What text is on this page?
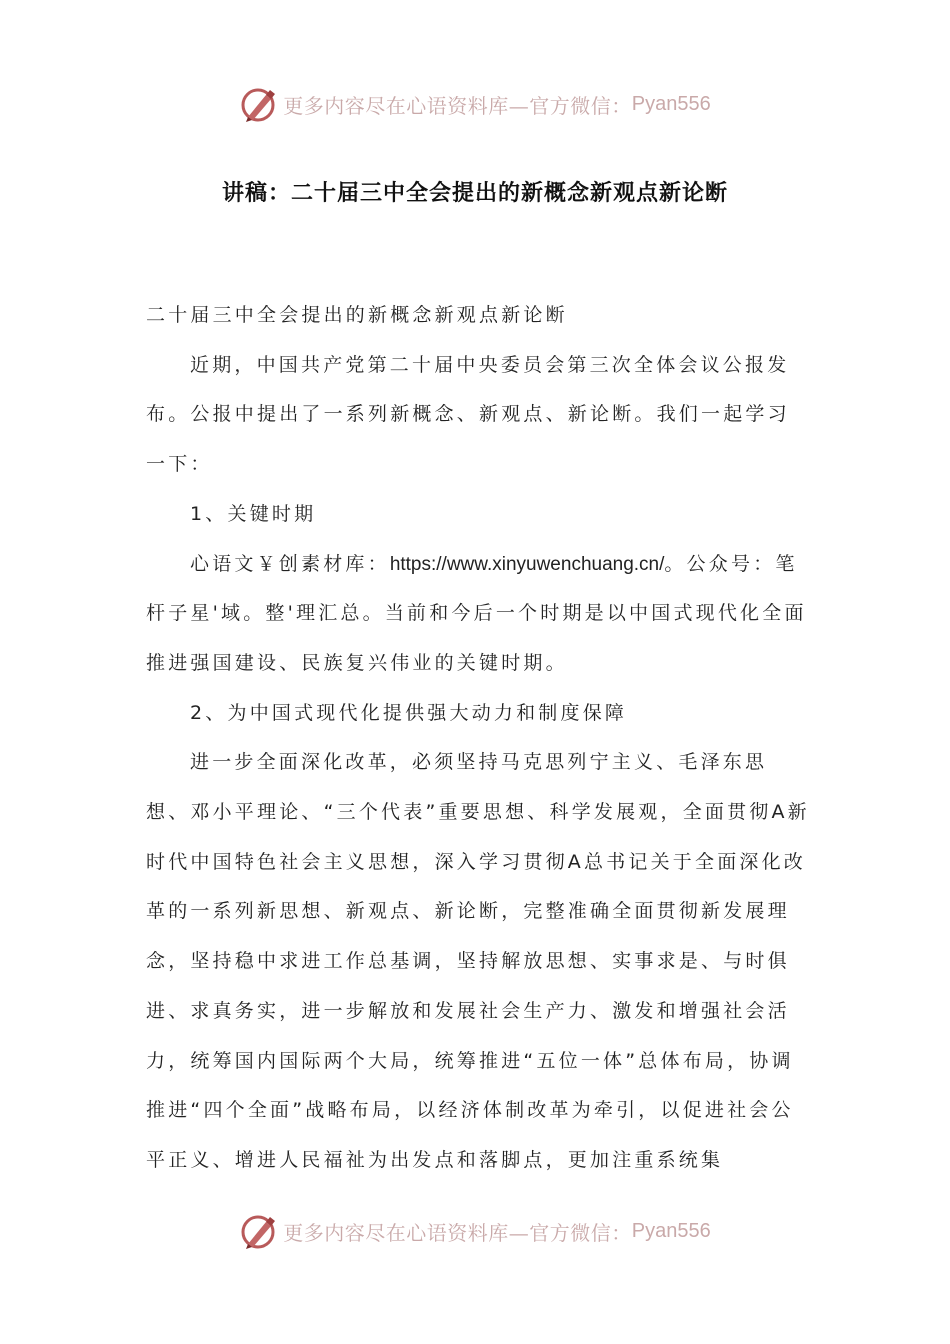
更多内容尽在心语资料库—官方微信： Pyan556
讲稿：二十届三中全会提出的新概念新观点新论断

二十届三中全会提出的新概念新观点新论断

近期，中国共产党第二十届中央委员会第三次全体会议公报发布。公报中提出了一系列新概念、新观点、新论断。我们一起学习一下：

1、关键时期

心语文￥创素材库：https://www.xinyuwenchuang.cn/。公众号：笔杆子星'域。整'理汇总。当前和今后一个时期是以中国式现代化全面推进强国建设、民族复兴伟业的关键时期。

2、为中国式现代化提供强大动力和制度保障

进一步全面深化改革，必须坚持马克思列宁主义、毛泽东思想、邓小平理论、“三个代表”重要思想、科学发展观，全面贯彻A新时代中国特色社会主义思想，深入学习贯彻A总书记关于全面深化改革的一系列新思想、新观点、新论断，完整准确全面贯彻新发展理念，坚持稳中求进工作总基调，坚持解放思想、实事求是、与时俱进、求真务实，进一步解放和发展社会生产力、激发和增强社会活力，统筹国内国际两个大局，统筹推进“五位一体”总体布局，协调推进“四个全面”战略布局，以经济体制改革为牵引，以促进社会公平正义、增进人民福祉为出发点和落脚点，更加注重系统集

更多内容尽在心语资料库—官方微信： Pyan556
